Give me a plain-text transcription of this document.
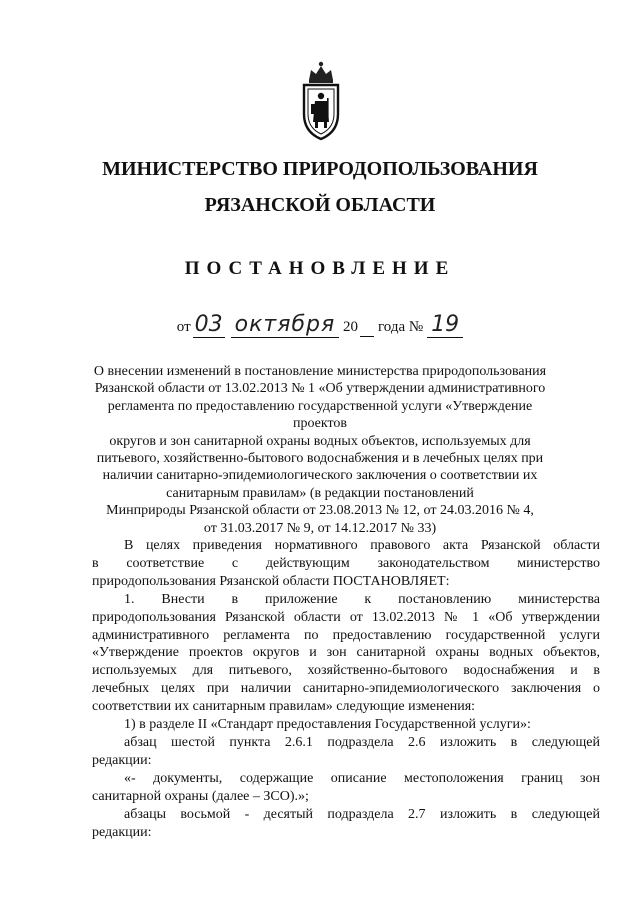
МИНИСТЕРСТВО ПРИРОДОПОЛЬЗОВАНИЯ
РЯЗАНСКОЙ ОБЛАСТИ
ПОСТАНОВЛЕНИЕ
от 03 октября 20 года № 19
О внесении изменений в постановление министерства природопользования
Рязанской области от 13.02.2013 № 1 «Об утверждении административного
регламента по предоставлению государственной услуги «Утверждение проектов
округов и зон санитарной охраны водных объектов, используемых для
питьевого, хозяйственно-бытового водоснабжения и в лечебных целях при
наличии санитарно-эпидемиологического заключения о соответствии их
санитарным правилам» (в редакции постановлений
Минприроды Рязанской области от 23.08.2013 № 12, от 24.03.2016 № 4,
от 31.03.2017 № 9, от 14.12.2017 № 33)

В целях приведения нормативного правового акта Рязанской области

в соответствие с действующим законодательством министерство

природопользования Рязанской области ПОСТАНОВЛЯЕТ:

1. Внести в приложение к постановлению министерства

природопользования Рязанской области от 13.02.2013 № 1 «Об утверждении

административного регламента по предоставлению государственной услуги

«Утверждение проектов округов и зон санитарной охраны водных объектов,

используемых для питьевого, хозяйственно-бытового водоснабжения и в

лечебных целях при наличии санитарно-эпидемиологического заключения о

соответствии их санитарным правилам» следующие изменения:

1) в разделе II «Стандарт предоставления Государственной услуги»:

абзац шестой пункта 2.6.1 подраздела 2.6 изложить в следующей

редакции:

«- документы, содержащие описание местоположения границ зон

санитарной охраны (далее – ЗСО).»;

абзацы восьмой - десятый подраздела 2.7 изложить в следующей

редакции:
